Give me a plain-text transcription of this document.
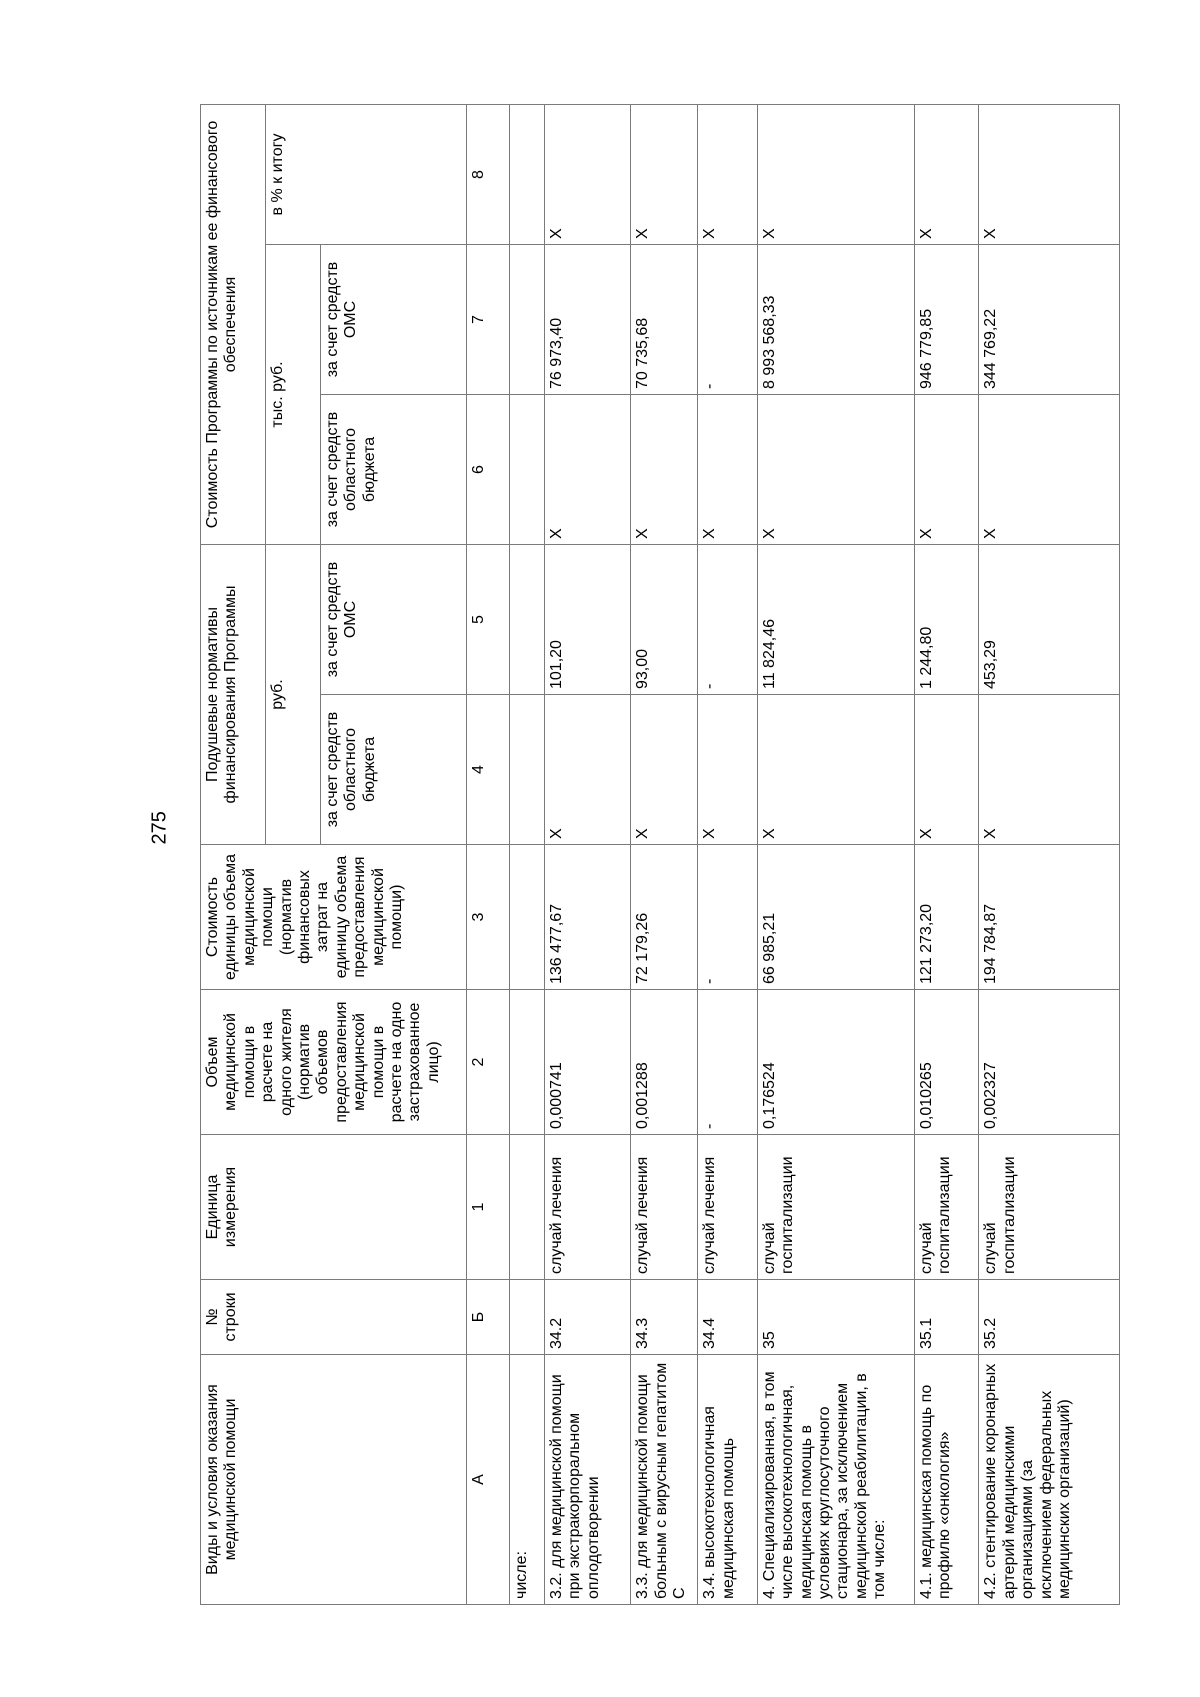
275
Виды и условия оказания медицинской помощи	№ строки	Единица измерения	Объем медицинской помощи в расчете на одного жителя (норматив объемов предоставления медицинской помощи в расчете на одно застрахованное лицо)	Стоимость единицы объема медицинской помощи (норматив финансовых затрат на единицу объема предоставления медицинской помощи)	Подушевые нормативы финансирования Программы		Стоимость Программы по источникам ее финансового обеспечения		
					руб.		тыс. руб.		в % к итогу
					за счет средств областного бюджета	за счет средств ОМС	за счет средств областного бюджета	за счет средств ОМС	
А	Б	1	2	3	4	5	6	7	8
числе:									
3.2. для медицинской помощи при экстракорпоральном оплодотворении	34.2	случай лечения	0,000741	136 477,67	X	101,20	X	76 973,40	X
3.3. для медицинской помощи больным с вирусным гепатитом С	34.3	случай лечения	0,001288	72 179,26	X	93,00	X	70 735,68	X
3.4. высокотехнологичная медицинская помощь	34.4	случай лечения	-	-	X	-	X	-	X
4. Специализированная, в том числе высокотехнологичная, медицинская помощь в условиях круглосуточного стационара, за исключением медицинской реабилитации, в том числе:	35	случай госпитализации	0,176524	66 985,21	X	11 824,46	X	8 993 568,33	X
4.1. медицинская помощь по профилю «онкология»	35.1	случай госпитализации	0,010265	121 273,20	X	1 244,80	X	946 779,85	X
4.2. стентирование коронарных артерий медицинскими организациями (за исключением федеральных медицинских организаций)	35.2	случай госпитализации	0,002327	194 784,87	X	453,29	X	344 769,22	X
